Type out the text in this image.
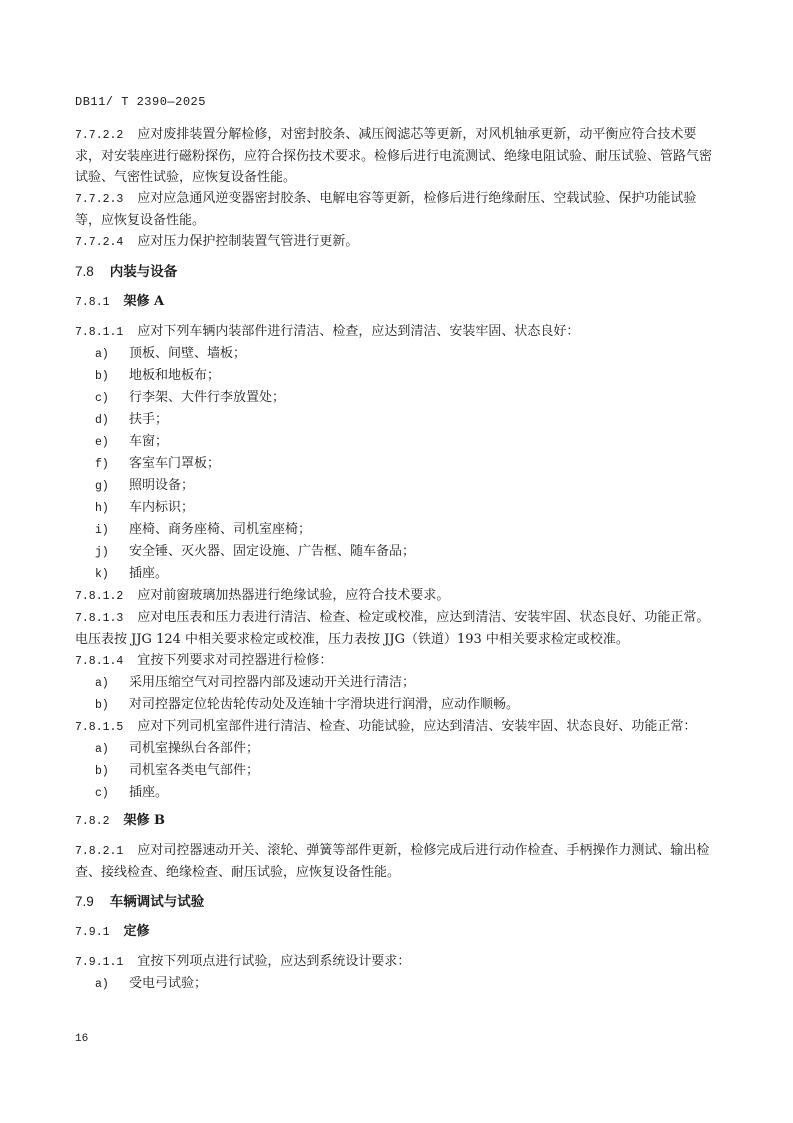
DB11/ T 2390—2025
7.7.2.2 应对废排装置分解检修，对密封胶条、减压阀滤芯等更新，对风机轴承更新，动平衡应符合技术要求，对安装座进行磁粉探伤，应符合探伤技术要求。检修后进行电流测试、绝缘电阻试验、耐压试验、管路气密试验、气密性试验，应恢复设备性能。
7.7.2.3 应对应急通风逆变器密封胶条、电解电容等更新，检修后进行绝缘耐压、空载试验、保护功能试验等，应恢复设备性能。
7.7.2.4 应对压力保护控制装置气管进行更新。
7.8 内装与设备
7.8.1 架修 A
7.8.1.1 应对下列车辆内装部件进行清洁、检查，应达到清洁、安装牢固、状态良好：
a) 顶板、间壁、墙板；
b) 地板和地板布；
c) 行李架、大件行李放置处；
d) 扶手；
e) 车窗；
f) 客室车门罩板；
g) 照明设备；
h) 车内标识；
i) 座椅、商务座椅、司机室座椅；
j) 安全锤、灭火器、固定设施、广告框、随车备品；
k) 插座。
7.8.1.2 应对前窗玻璃加热器进行绝缘试验，应符合技术要求。
7.8.1.3 应对电压表和压力表进行清洁、检查、检定或校准，应达到清洁、安装牢固、状态良好、功能正常。电压表按 JJG 124 中相关要求检定或校准，压力表按 JJG（铁道）193 中相关要求检定或校准。
7.8.1.4 宜按下列要求对司控器进行检修：
a) 采用压缩空气对司控器内部及速动开关进行清洁；
b) 对司控器定位轮齿轮传动处及连轴十字滑块进行润滑，应动作顺畅。
7.8.1.5 应对下列司机室部件进行清洁、检查、功能试验，应达到清洁、安装牢固、状态良好、功能正常：
a) 司机室操纵台各部件；
b) 司机室各类电气部件；
c) 插座。
7.8.2 架修 B
7.8.2.1 应对司控器速动开关、滚轮、弹簧等部件更新，检修完成后进行动作检查、手柄操作力测试、输出检查、接线检查、绝缘检查、耐压试验，应恢复设备性能。
7.9 车辆调试与试验
7.9.1 定修
7.9.1.1 宜按下列项点进行试验，应达到系统设计要求：
a) 受电弓试验；
16
